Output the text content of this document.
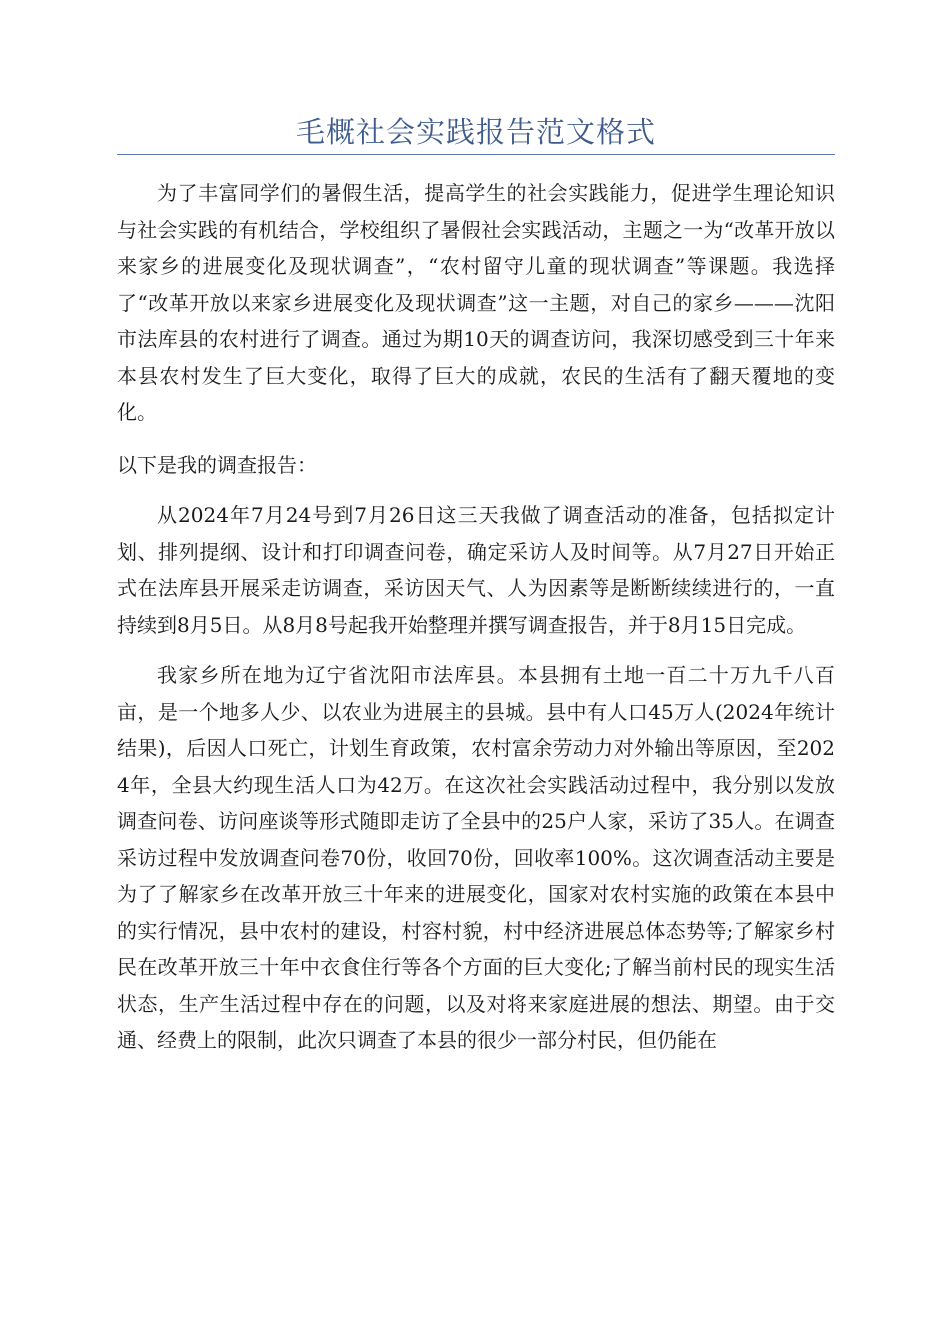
毛概社会实践报告范文格式

为了丰富同学们的暑假生活，提高学生的社会实践能力，促进学生理论知识与社会实践的有机结合，学校组织了暑假社会实践活动，主题之一为“改革开放以来家乡的进展变化及现状调查”，“农村留守儿童的现状调查”等课题。我选择了“改革开放以来家乡进展变化及现状调查”这一主题，对自己的家乡———沈阳市法库县的农村进行了调查。通过为期10天的调查访问，我深切感受到三十年来本县农村发生了巨大变化，取得了巨大的成就，农民的生活有了翻天覆地的变化。

以下是我的调查报告：

从2024年7月24号到7月26日这三天我做了调查活动的准备，包括拟定计划、排列提纲、设计和打印调查问卷，确定采访人及时间等。从7月27日开始正式在法库县开展采走访调查，采访因天气、人为因素等是断断续续进行的，一直持续到8月5日。从8月8号起我开始整理并撰写调查报告，并于8月15日完成。

我家乡所在地为辽宁省沈阳市法库县。本县拥有土地一百二十万九千八百亩，是一个地多人少、以农业为进展主的县城。县中有人口45万人(2024年统计结果)，后因人口死亡，计划生育政策，农村富余劳动力对外输出等原因，至2024年，全县大约现生活人口为42万。在这次社会实践活动过程中，我分别以发放调查问卷、访问座谈等形式随即走访了全县中的25户人家，采访了35人。在调查采访过程中发放调查问卷70份，收回70份，回收率100%。这次调查活动主要是为了了解家乡在改革开放三十年来的进展变化，国家对农村实施的政策在本县中的实行情况，县中农村的建设，村容村貌，村中经济进展总体态势等;了解家乡村民在改革开放三十年中衣食住行等各个方面的巨大变化;了解当前村民的现实生活状态，生产生活过程中存在的问题，以及对将来家庭进展的想法、期望。由于交通、经费上的限制，此次只调查了本县的很少一部分村民，但仍能在
